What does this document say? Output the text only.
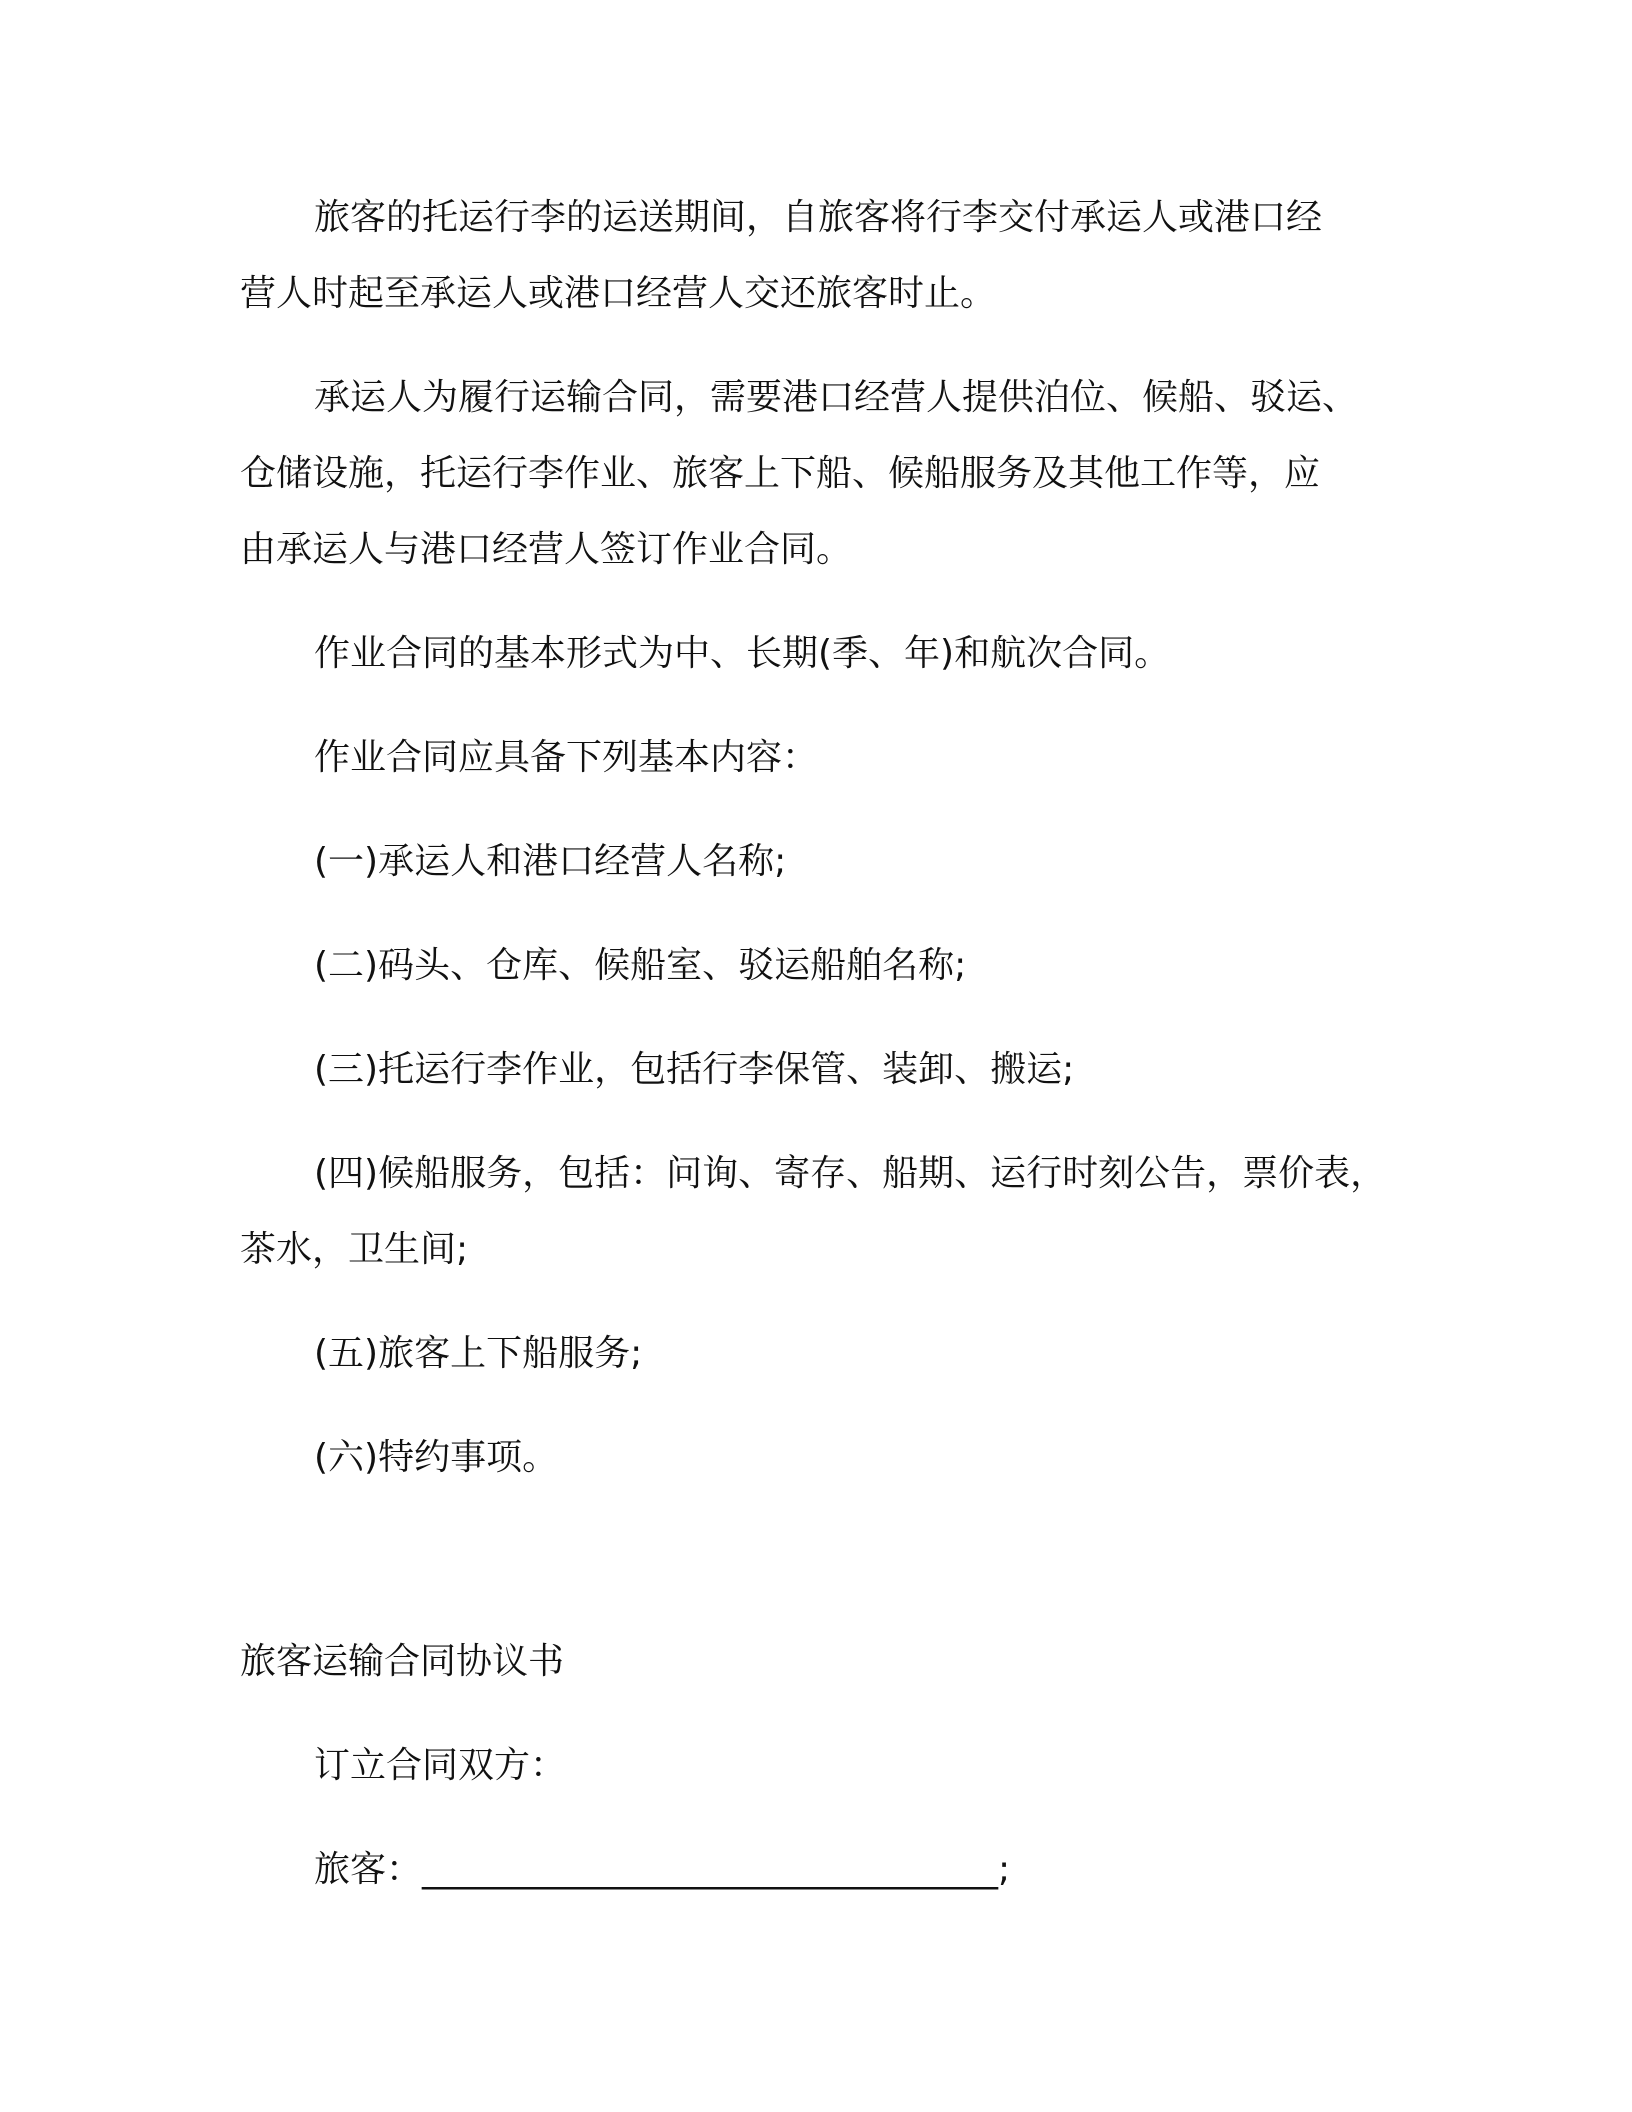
旅客的托运行李的运送期间，自旅客将行李交付承运人或港口经
营人时起至承运人或港口经营人交还旅客时止。
承运人为履行运输合同，需要港口经营人提供泊位、候船、驳运、
仓储设施，托运行李作业、旅客上下船、候船服务及其他工作等，应
由承运人与港口经营人签订作业合同。
作业合同的基本形式为中、长期(季、年)和航次合同。
作业合同应具备下列基本内容：
(一)承运人和港口经营人名称;
(二)码头、仓库、候船室、驳运船舶名称;
(三)托运行李作业，包括行李保管、装卸、搬运;
(四)候船服务，包括：问询、寄存、船期、运行时刻公告，票价表，
茶水，卫生间;
(五)旅客上下船服务;
(六)特约事项。
旅客运输合同协议书
订立合同双方：
旅客：________________________________;
